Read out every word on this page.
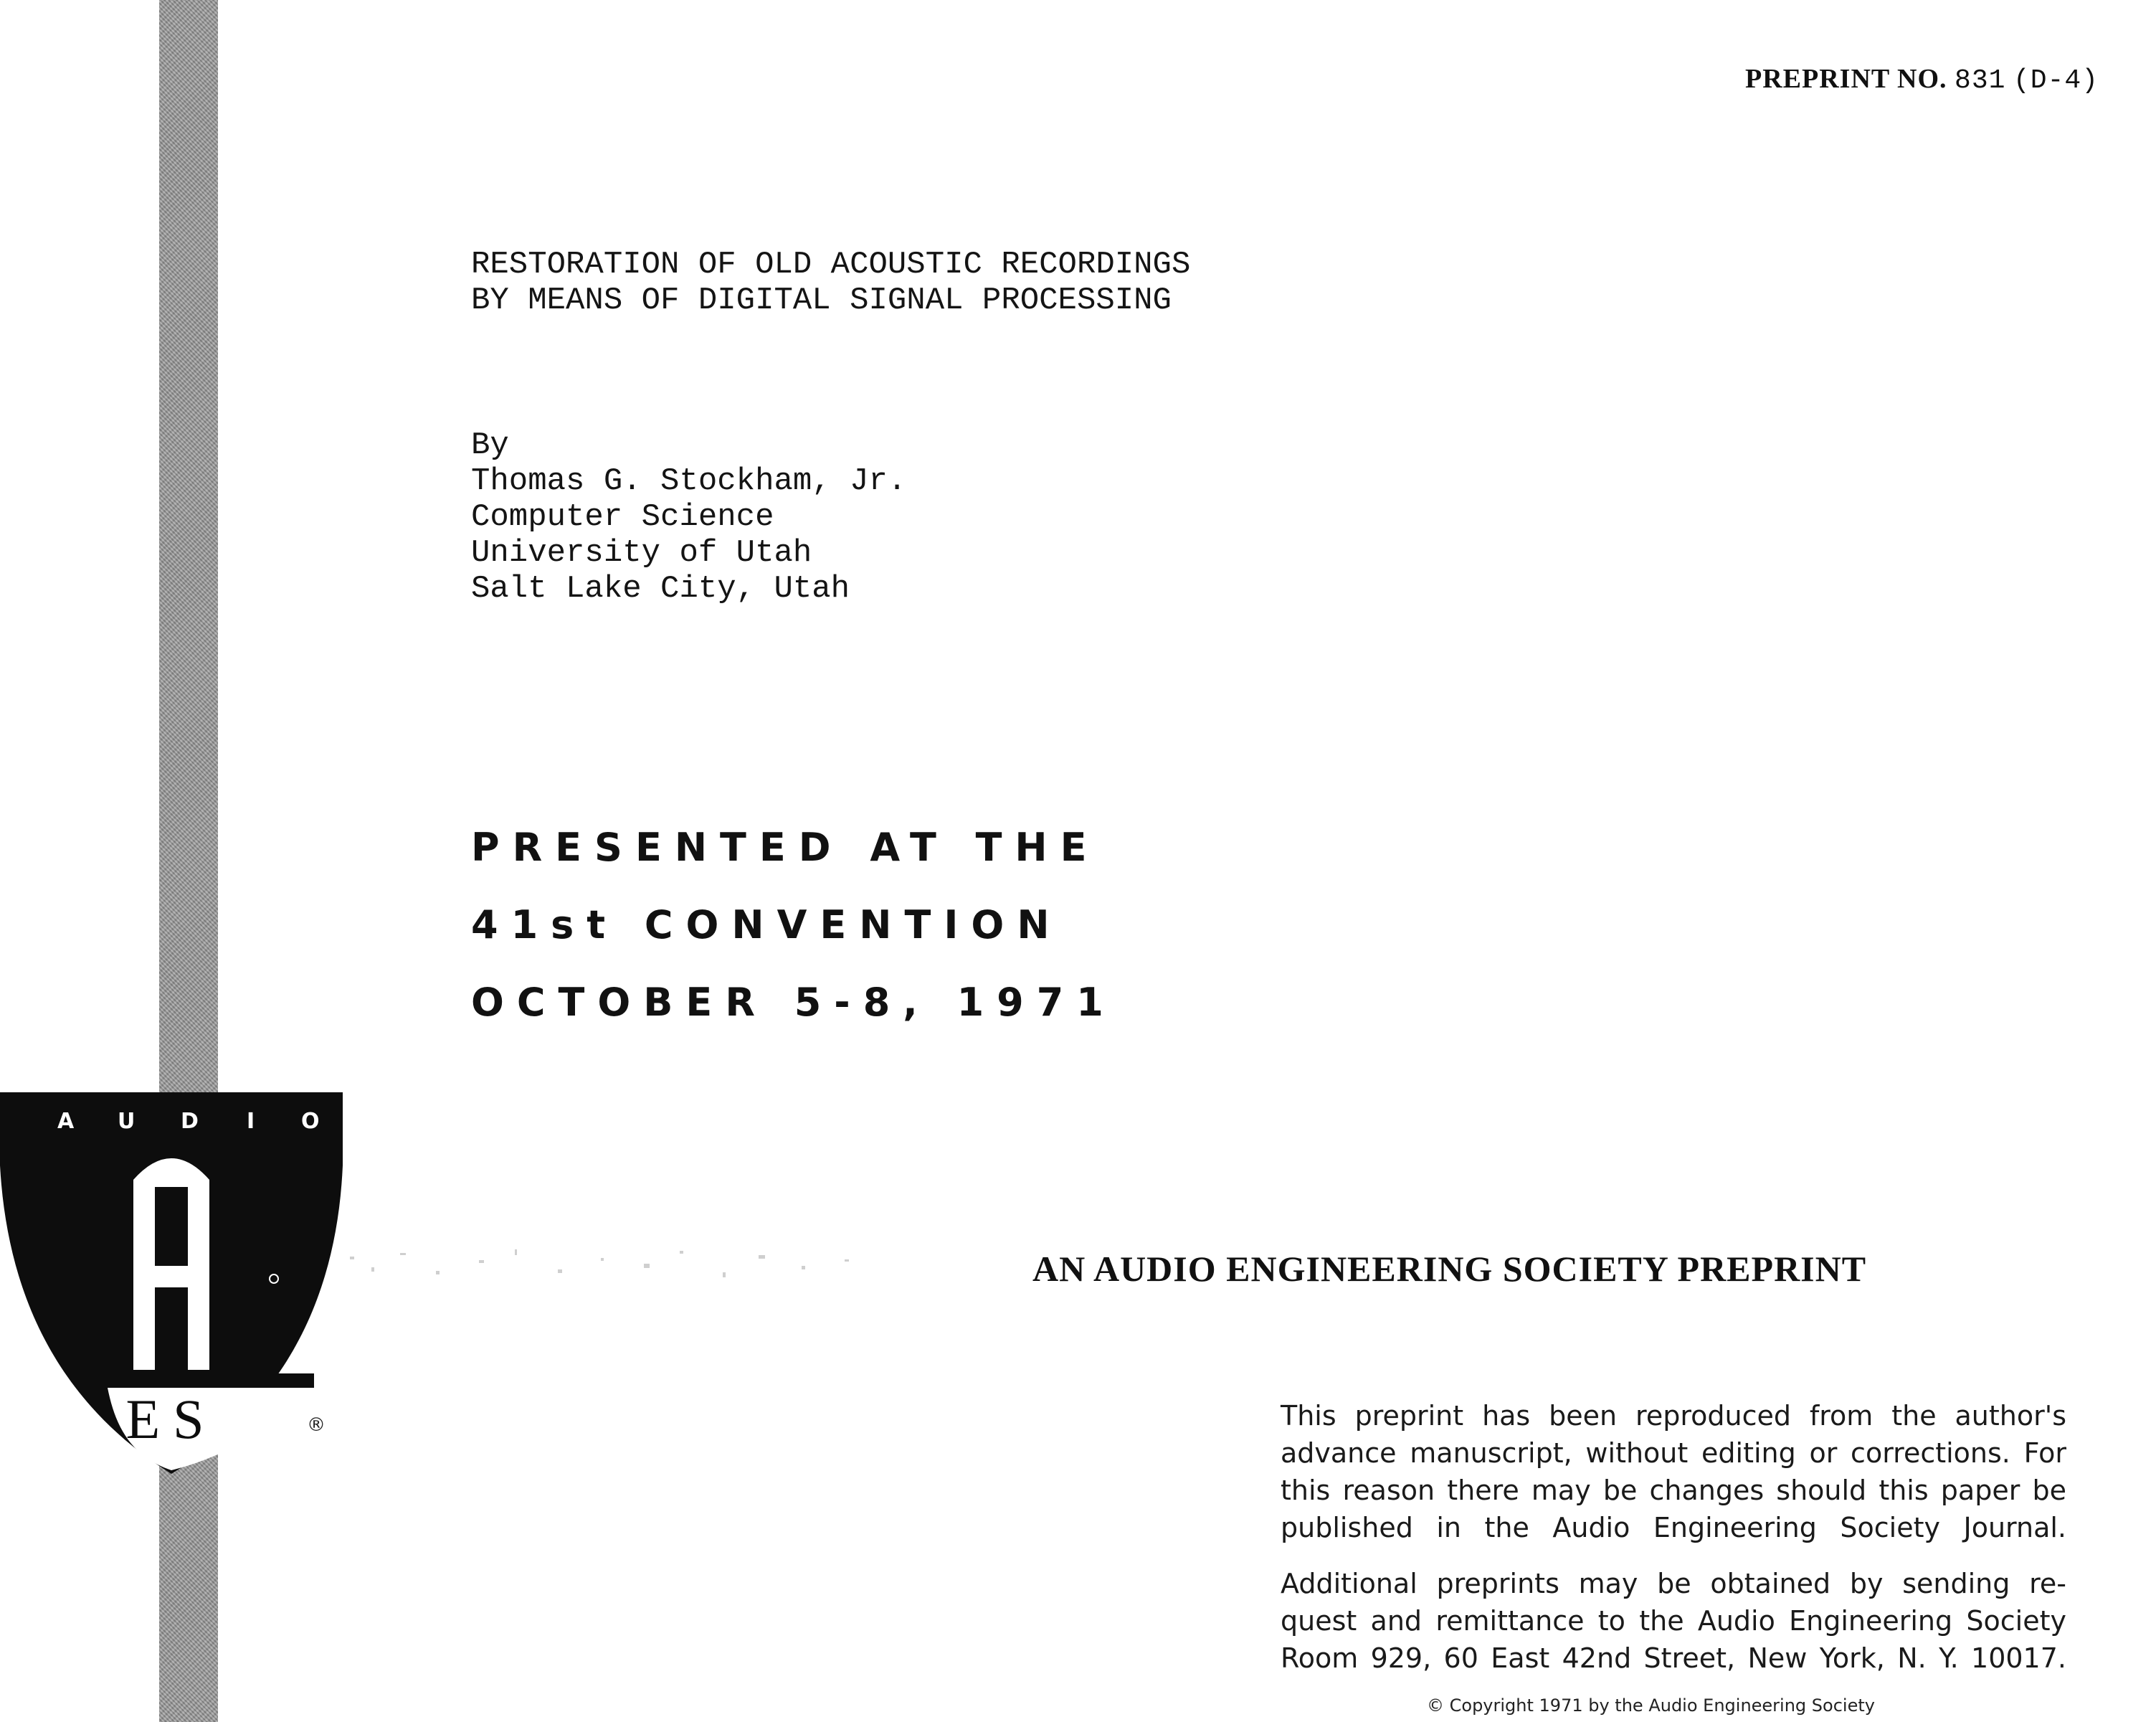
PREPRINT NO. 831 (D-4)
RESTORATION OF OLD ACOUSTIC RECORDINGS
BY MEANS OF DIGITAL SIGNAL PROCESSING
By
Thomas G. Stockham, Jr.
Computer Science
University of Utah
Salt Lake City, Utah
PRESENTED AT THE
41st CONVENTION
OCTOBER 5-8, 1971
A U D I O
ES	®
AN AUDIO ENGINEERING SOCIETY PREPRINT
This preprint has been reproduced from the author's
advance manuscript, without editing or corrections. For
this reason there may be changes should this paper be
published in the Audio Engineering Society Journal.
Additional preprints may be obtained by sending re-
quest and remittance to the Audio Engineering Society
Room 929, 60 East 42nd Street, New York, N. Y. 10017.
© Copyright 1971 by the Audio Engineering Society
